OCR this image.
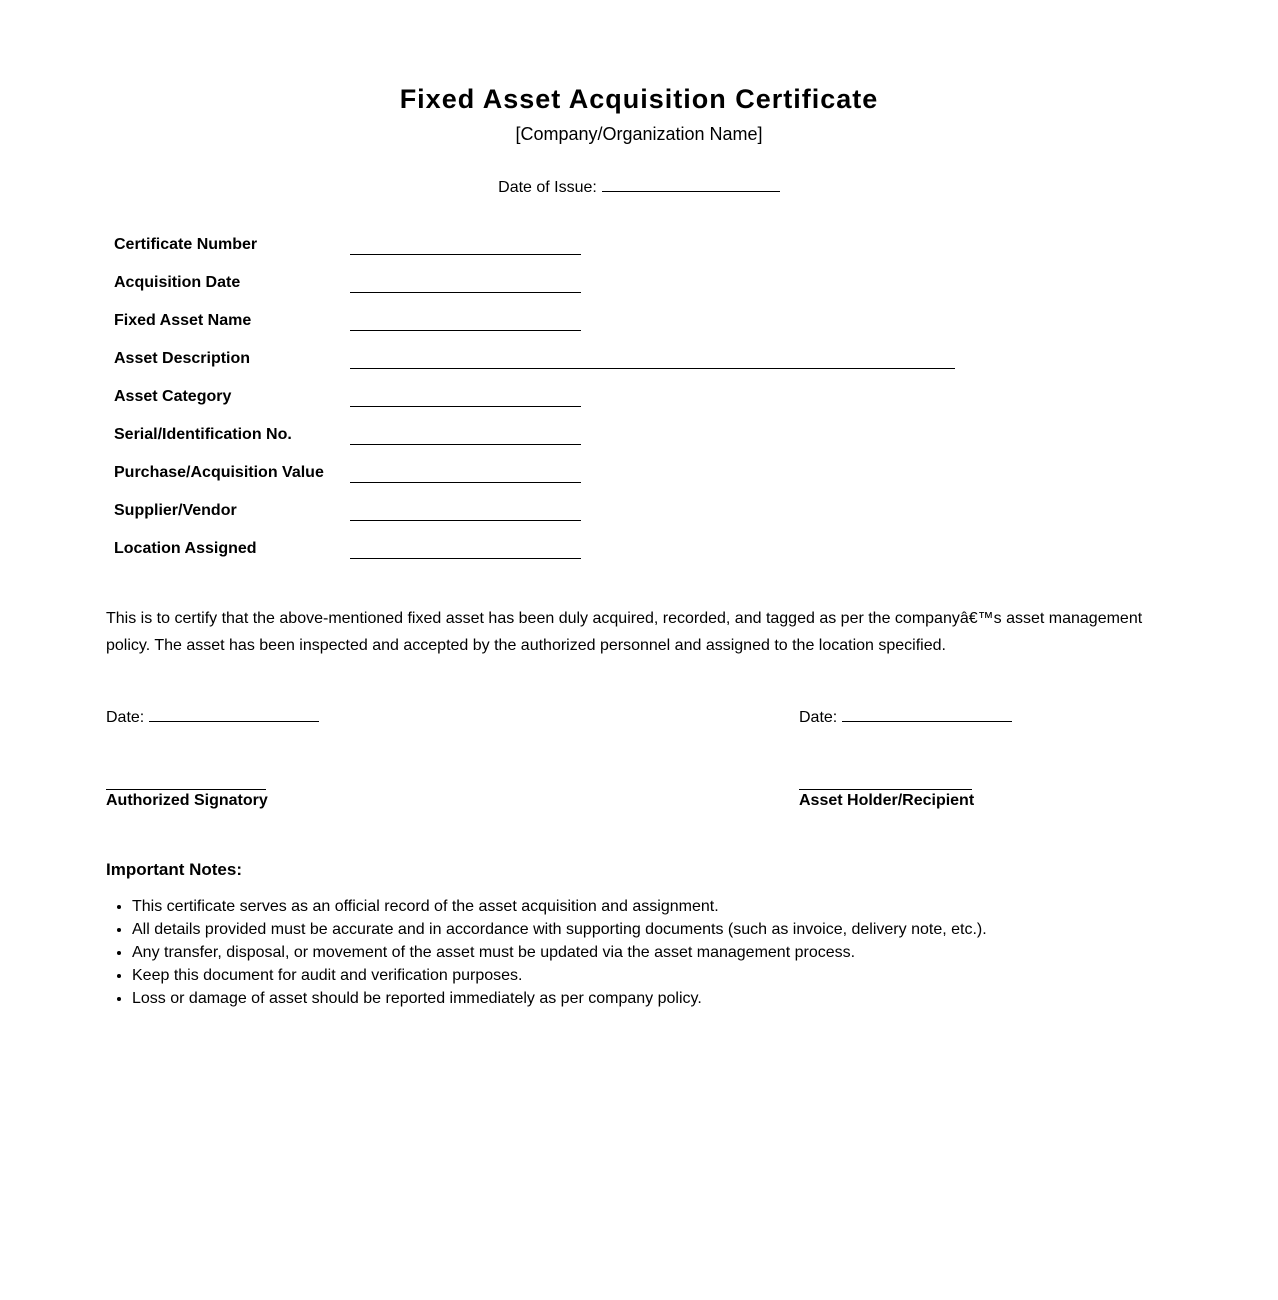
Fixed Asset Acquisition Certificate
[Company/Organization Name]
Date of Issue:
Certificate Number
Acquisition Date
Fixed Asset Name
Asset Description
Asset Category
Serial/Identification No.
Purchase/Acquisition Value
Supplier/Vendor
Location Assigned
This is to certify that the above-mentioned fixed asset has been duly acquired, recorded, and tagged as per the companyâ€™s asset management policy. The asset has been inspected and accepted by the authorized personnel and assigned to the location specified.
Date:	Date:
Authorized Signatory	Asset Holder/Recipient
Important Notes:
• This certificate serves as an official record of the asset acquisition and assignment.
• All details provided must be accurate and in accordance with supporting documents (such as invoice, delivery note, etc.).
• Any transfer, disposal, or movement of the asset must be updated via the asset management process.
• Keep this document for audit and verification purposes.
• Loss or damage of asset should be reported immediately as per company policy.
